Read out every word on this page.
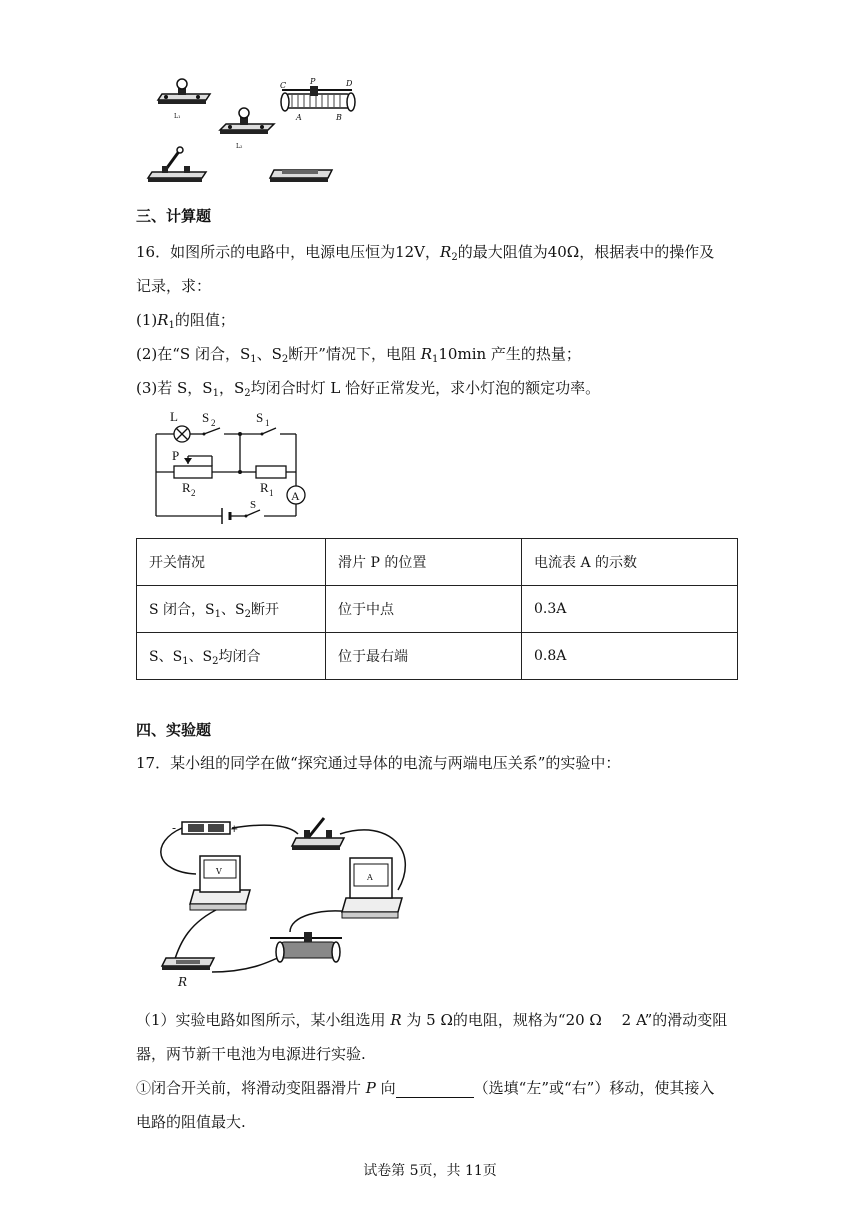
L₁
L₂
C	P	D
A	B
三、计算题
16．如图所示的电路中，电源电压恒为12V，$R_2$的最大阻值为40Ω，根据表中的操作及
记录，求：
$(1)R_1$的阻值；
(2)在“S 闭合，$S_1$、$S_2$断开”情况下，电阻 $R_110\min$ 产生的热量；
(3)若 S，$S_1$，$S_2$均闭合时灯 L 恰好正常发光，求小灯泡的额定功率。
L S 2	S 1
P
R 2	R 1 A
S
开关情况	滑片 P 的位置	电流表 A 的示数
S 闭合，$S_1$、$S_2$断开	位于中点	0.3A
S、$S_1$、$S_2$均闭合	位于最右端	0.8A
四、实验题
17．某小组的同学在做“探究通过导体的电流与两端电压关系”的实验中：
-	+
V
A
R
（1）实验电路如图所示，某小组选用 R 为 5 Ω的电阻，规格为“20 Ω　 2 A”的滑动变阻
器，两节新干电池为电源进行实验.
①闭合开关前，将滑动变阻器滑片 P 向	（选填“左”或“右”）移动，使其接入
电路的阻值最大.
试卷第 5页，共 11页
